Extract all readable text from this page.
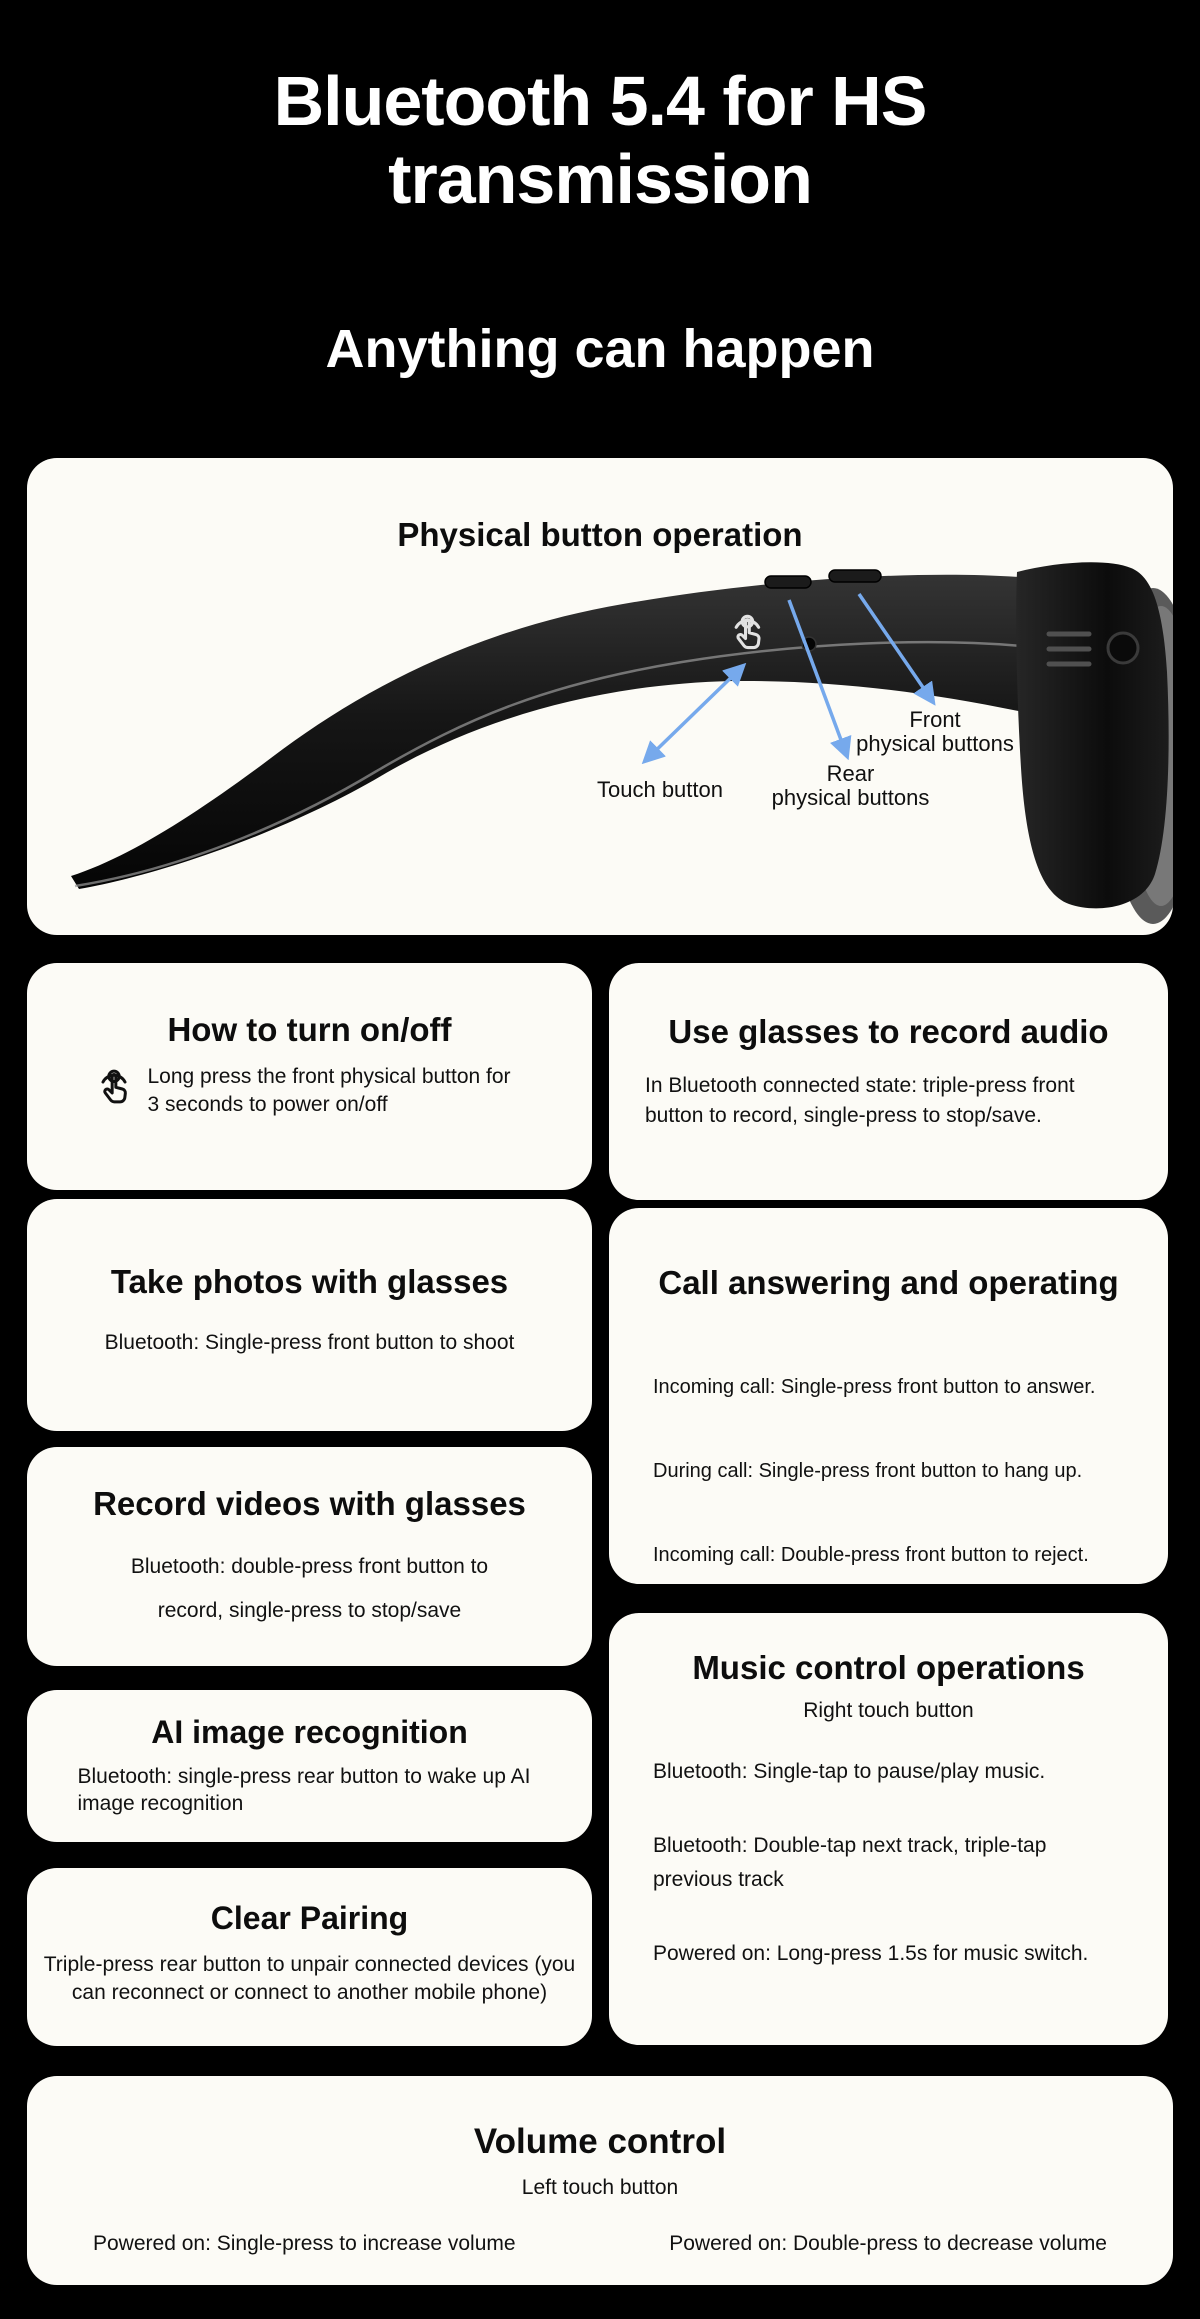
Bluetooth 5.4 for HS
transmission
Anything can happen
Physical button operation
Touch button
Rear
physical buttons
Front
physical buttons
How to turn on/off

Long press the front physical button for 3 seconds to power on/off

Use glasses to record audio

In Bluetooth connected state: triple-press front button to record, single-press to stop/save.

Take photos with glasses

Bluetooth: Single-press front button to shoot

Call answering and operating

Incoming call: Single-press front button to answer.

During call: Single-press front button to hang up.

Incoming call: Double-press front button to reject.

Record videos with glasses

Bluetooth: double-press front button to record, single-press to stop/save

AI image recognition

Bluetooth: single-press rear button to wake up AI image recognition

Music control operations
Right touch button

Bluetooth: Single-tap to pause/play music.

Bluetooth: Double-tap next track, triple-tap previous track

Powered on: Long-press 1.5s for music switch.

Clear Pairing

Triple-press rear button to unpair connected devices (you can reconnect or connect to another mobile phone)

Volume control
Left touch button
Powered on: Single-press to increase volume	Powered on: Double-press to decrease volume
